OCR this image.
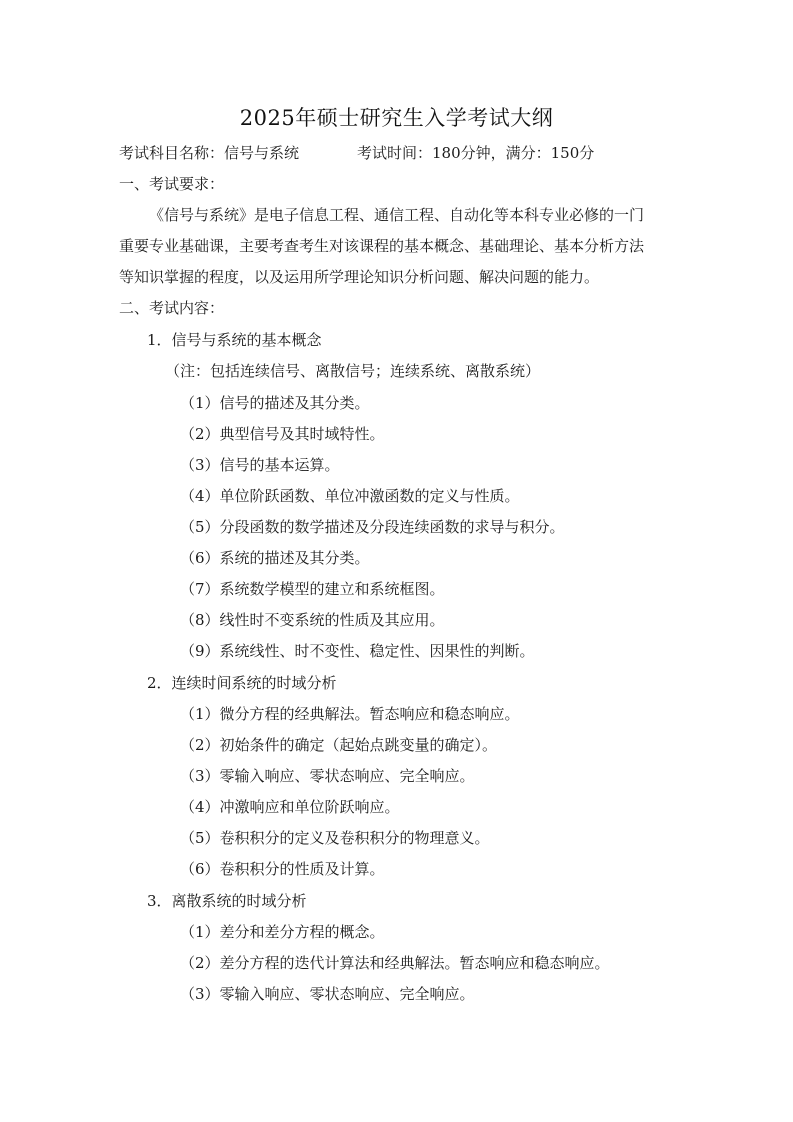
2025年硕士研究生入学考试大纲
考试科目名称：信号与系统	考试时间：180分钟，满分：150分
一、考试要求：
《信号与系统》是电子信息工程、通信工程、自动化等本科专业必修的一门
重要专业基础课，主要考查考生对该课程的基本概念、基础理论、基本分析方法
等知识掌握的程度，以及运用所学理论知识分析问题、解决问题的能力。
二、考试内容：
1．信号与系统的基本概念
（注：包括连续信号、离散信号；连续系统、离散系统）
（1）信号的描述及其分类。
（2）典型信号及其时域特性。
（3）信号的基本运算。
（4）单位阶跃函数、单位冲激函数的定义与性质。
（5）分段函数的数学描述及分段连续函数的求导与积分。
（6）系统的描述及其分类。
（7）系统数学模型的建立和系统框图。
（8）线性时不变系统的性质及其应用。
（9）系统线性、时不变性、稳定性、因果性的判断。
2．连续时间系统的时域分析
（1）微分方程的经典解法。暂态响应和稳态响应。
（2）初始条件的确定（起始点跳变量的确定）。
（3）零输入响应、零状态响应、完全响应。
（4）冲激响应和单位阶跃响应。
（5）卷积积分的定义及卷积积分的物理意义。
（6）卷积积分的性质及计算。
3．离散系统的时域分析
（1）差分和差分方程的概念。
（2）差分方程的迭代计算法和经典解法。暂态响应和稳态响应。
（3）零输入响应、零状态响应、完全响应。
